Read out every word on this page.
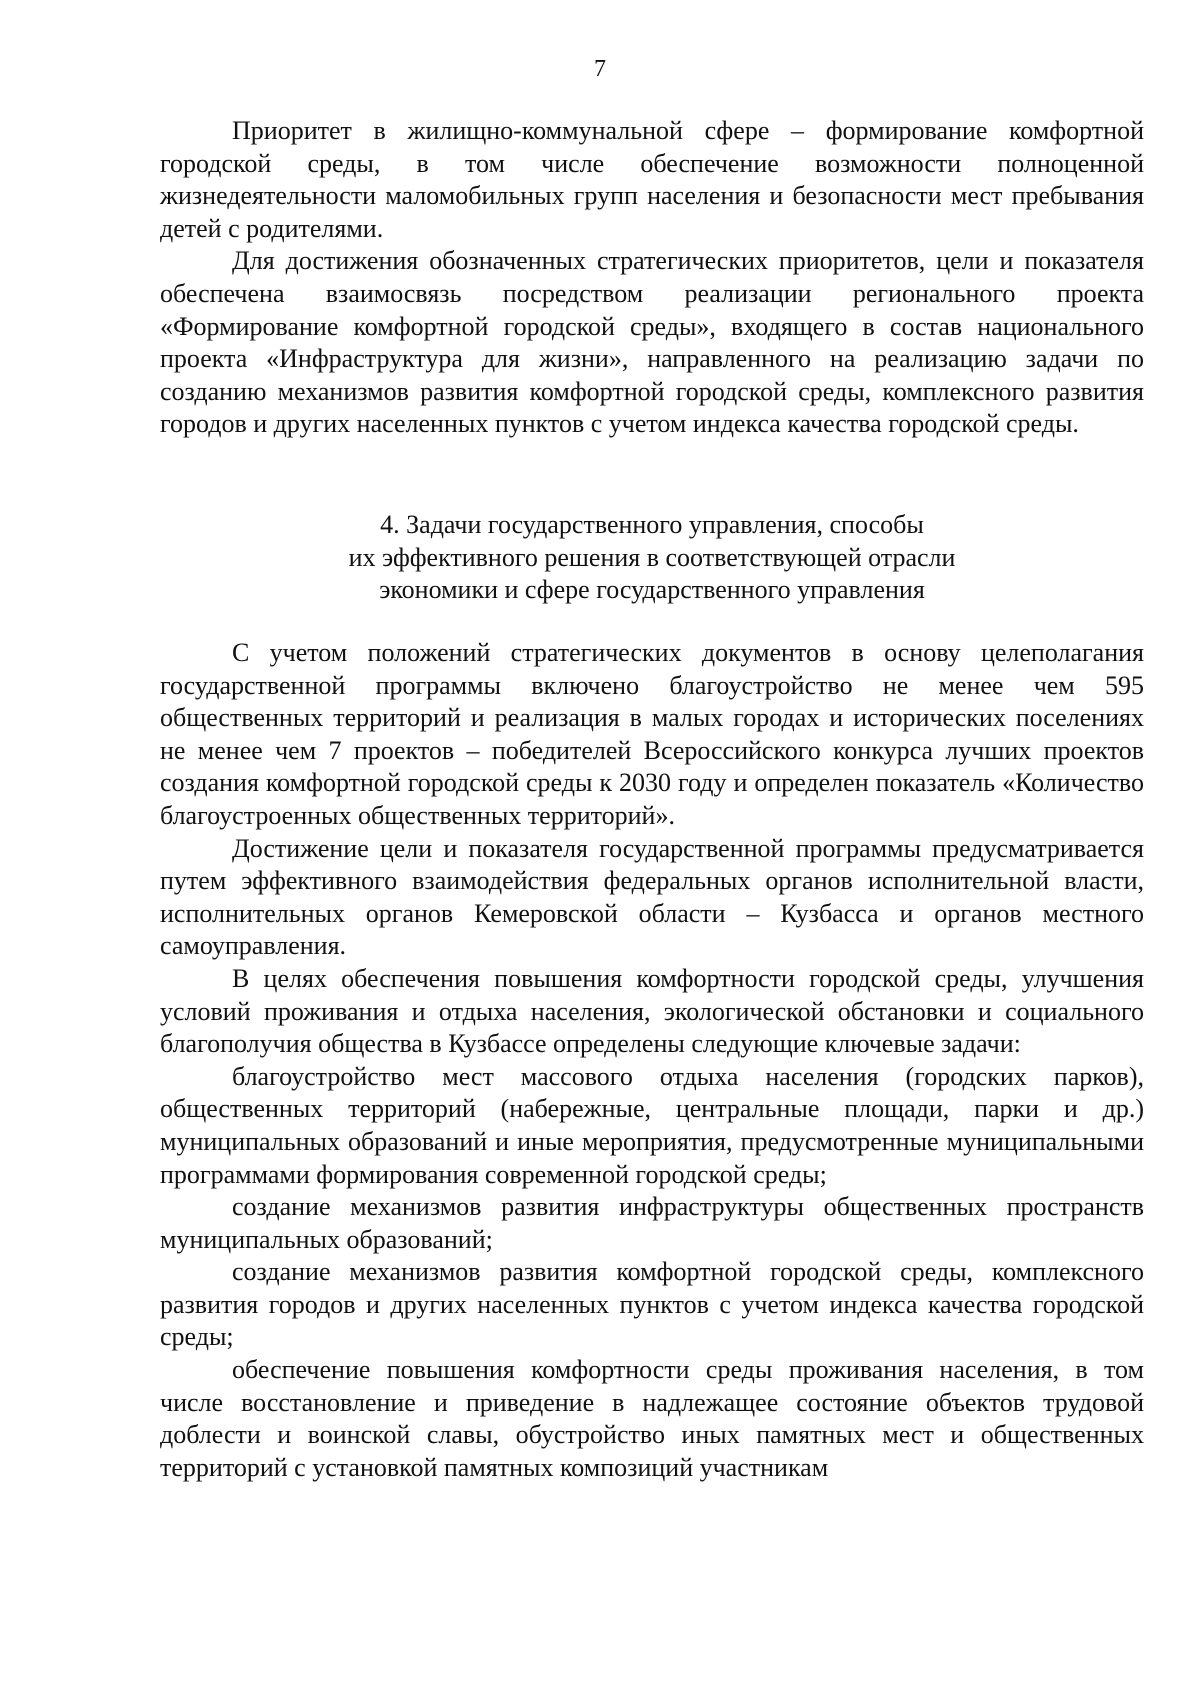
7

Приоритет в жилищно-коммунальной сфере – формирование комфортной городской среды, в том числе обеспечение возможности полноценной жизнедеятельности маломобильных групп населения и безопасности мест пребывания детей с родителями.

Для достижения обозначенных стратегических приоритетов, цели и показателя обеспечена взаимосвязь посредством реализации регионального проекта «Формирование комфортной городской среды», входящего в состав национального проекта «Инфраструктура для жизни», направленного на реализацию задачи по созданию механизмов развития комфортной городской среды, комплексного развития городов и других населенных пунктов с учетом индекса качества городской среды.

4. Задачи государственного управления, способы
их эффективного решения в соответствующей отрасли
экономики и сфере государственного управления

С учетом положений стратегических документов в основу целеполагания государственной программы включено благоустройство не менее чем 595 общественных территорий и реализация в малых городах и исторических поселениях не менее чем 7 проектов – победителей Всероссийского конкурса лучших проектов создания комфортной городской среды к 2030 году и определен показатель «Количество благоустроенных общественных территорий».

Достижение цели и показателя государственной программы предусматривается путем эффективного взаимодействия федеральных органов исполнительной власти, исполнительных органов Кемеровской области – Кузбасса и органов местного самоуправления.

В целях обеспечения повышения комфортности городской среды, улучшения условий проживания и отдыха населения, экологической обстановки и социального благополучия общества в Кузбассе определены следующие ключевые задачи:

благоустройство мест массового отдыха населения (городских парков), общественных территорий (набережные, центральные площади, парки и др.) муниципальных образований и иные мероприятия, предусмотренные муниципальными программами формирования современной городской среды;

создание механизмов развития инфраструктуры общественных пространств муниципальных образований;

создание механизмов развития комфортной городской среды, комплексного развития городов и других населенных пунктов с учетом индекса качества городской среды;

обеспечение повышения комфортности среды проживания населения, в том числе восстановление и приведение в надлежащее состояние объектов трудовой доблести и воинской славы, обустройство иных памятных мест и общественных территорий с установкой памятных композиций участникам
